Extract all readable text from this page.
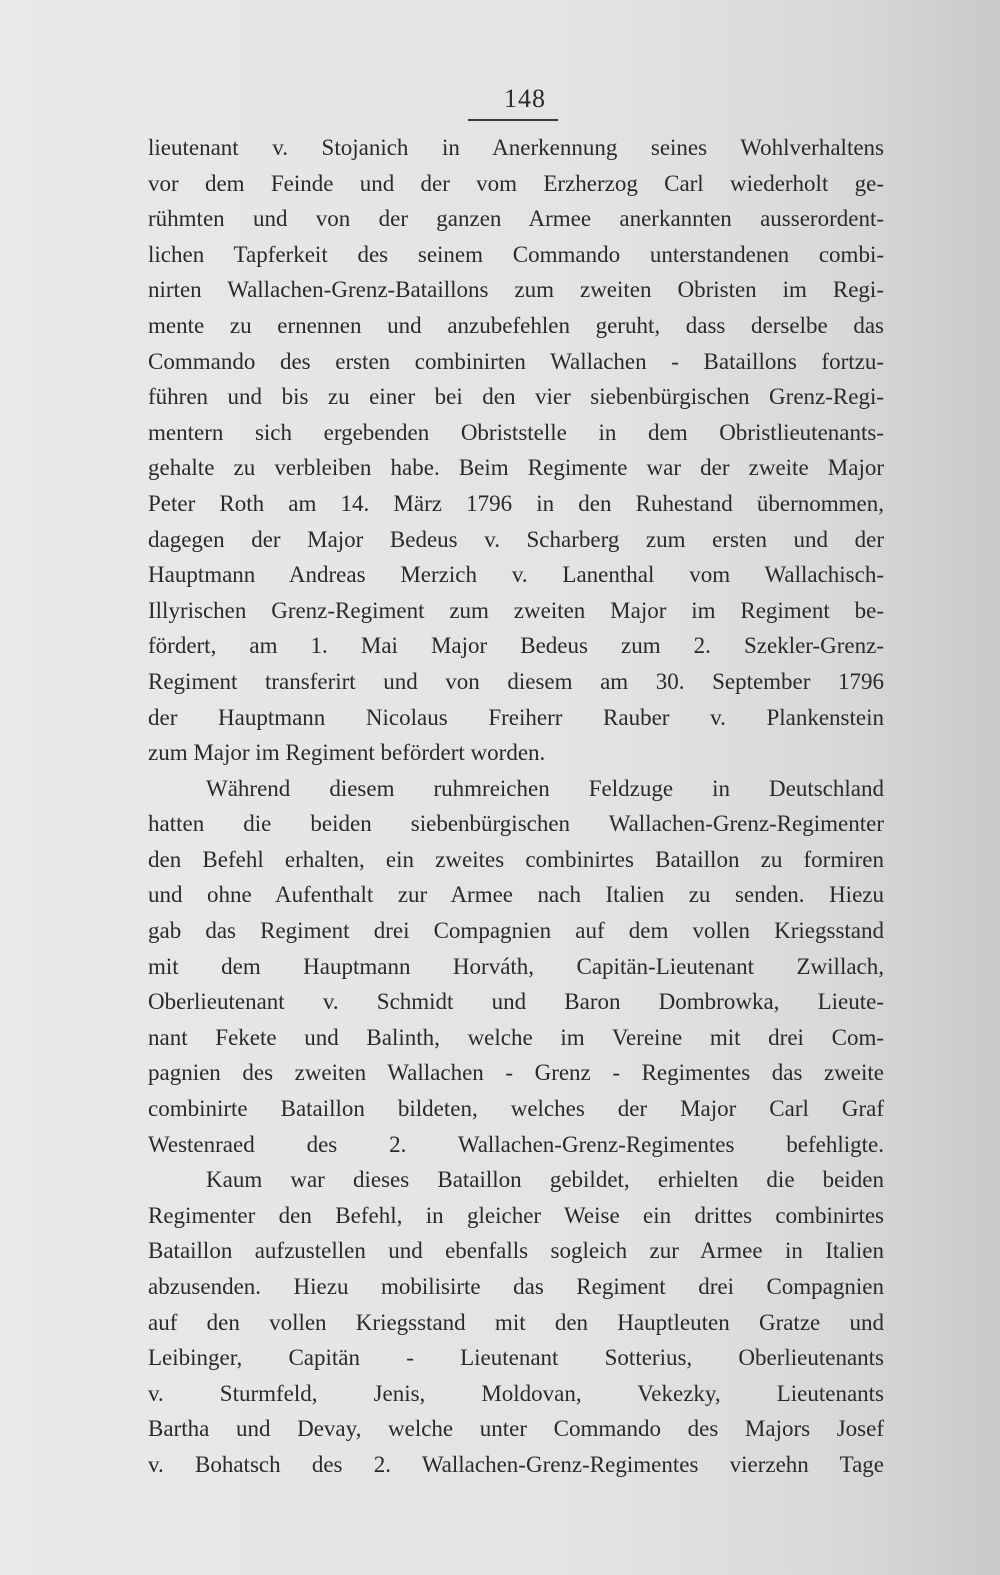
148
lieutenant v. Stojanich in Anerkennung seines Wohlverhaltens
vor dem Feinde und der vom Erzherzog Carl wiederholt ge-
rühmten und von der ganzen Armee anerkannten ausserordent-
lichen Tapferkeit des seinem Commando unterstandenen combi-
nirten Wallachen-Grenz-Bataillons zum zweiten Obristen im Regi-
mente zu ernennen und anzubefehlen geruht, dass derselbe das
Commando des ersten combinirten Wallachen - Bataillons fortzu-
führen und bis zu einer bei den vier siebenbürgischen Grenz-Regi-
mentern sich ergebenden Obriststelle in dem Obristlieutenants-
gehalte zu verbleiben habe. Beim Regimente war der zweite Major
Peter Roth am 14. März 1796 in den Ruhestand übernommen,
dagegen der Major Bedeus v. Scharberg zum ersten und der
Hauptmann Andreas Merzich v. Lanenthal vom Wallachisch-
Illyrischen Grenz-Regiment zum zweiten Major im Regiment be-
fördert, am 1. Mai Major Bedeus zum 2. Szekler-Grenz-
Regiment transferirt und von diesem am 30. September 1796
der Hauptmann Nicolaus Freiherr Rauber v. Plankenstein
zum Major im Regiment befördert worden.
Während diesem ruhmreichen Feldzuge in Deutschland
hatten die beiden siebenbürgischen Wallachen-Grenz-Regimenter
den Befehl erhalten, ein zweites combinirtes Bataillon zu formiren
und ohne Aufenthalt zur Armee nach Italien zu senden. Hiezu
gab das Regiment drei Compagnien auf dem vollen Kriegsstand
mit dem Hauptmann Horváth, Capitän-Lieutenant Zwillach,
Oberlieutenant v. Schmidt und Baron Dombrowka, Lieute-
nant Fekete und Balinth, welche im Vereine mit drei Com-
pagnien des zweiten Wallachen - Grenz - Regimentes das zweite
combinirte Bataillon bildeten, welches der Major Carl Graf
Westenraed des 2. Wallachen-Grenz-Regimentes befehligte.
Kaum war dieses Bataillon gebildet, erhielten die beiden
Regimenter den Befehl, in gleicher Weise ein drittes combinirtes
Bataillon aufzustellen und ebenfalls sogleich zur Armee in Italien
abzusenden. Hiezu mobilisirte das Regiment drei Compagnien
auf den vollen Kriegsstand mit den Hauptleuten Gratze und
Leibinger, Capitän - Lieutenant Sotterius, Oberlieutenants
v. Sturmfeld, Jenis, Moldovan, Vekezky, Lieutenants
Bartha und Devay, welche unter Commando des Majors Josef
v. Bohatsch des 2. Wallachen-Grenz-Regimentes vierzehn Tage
